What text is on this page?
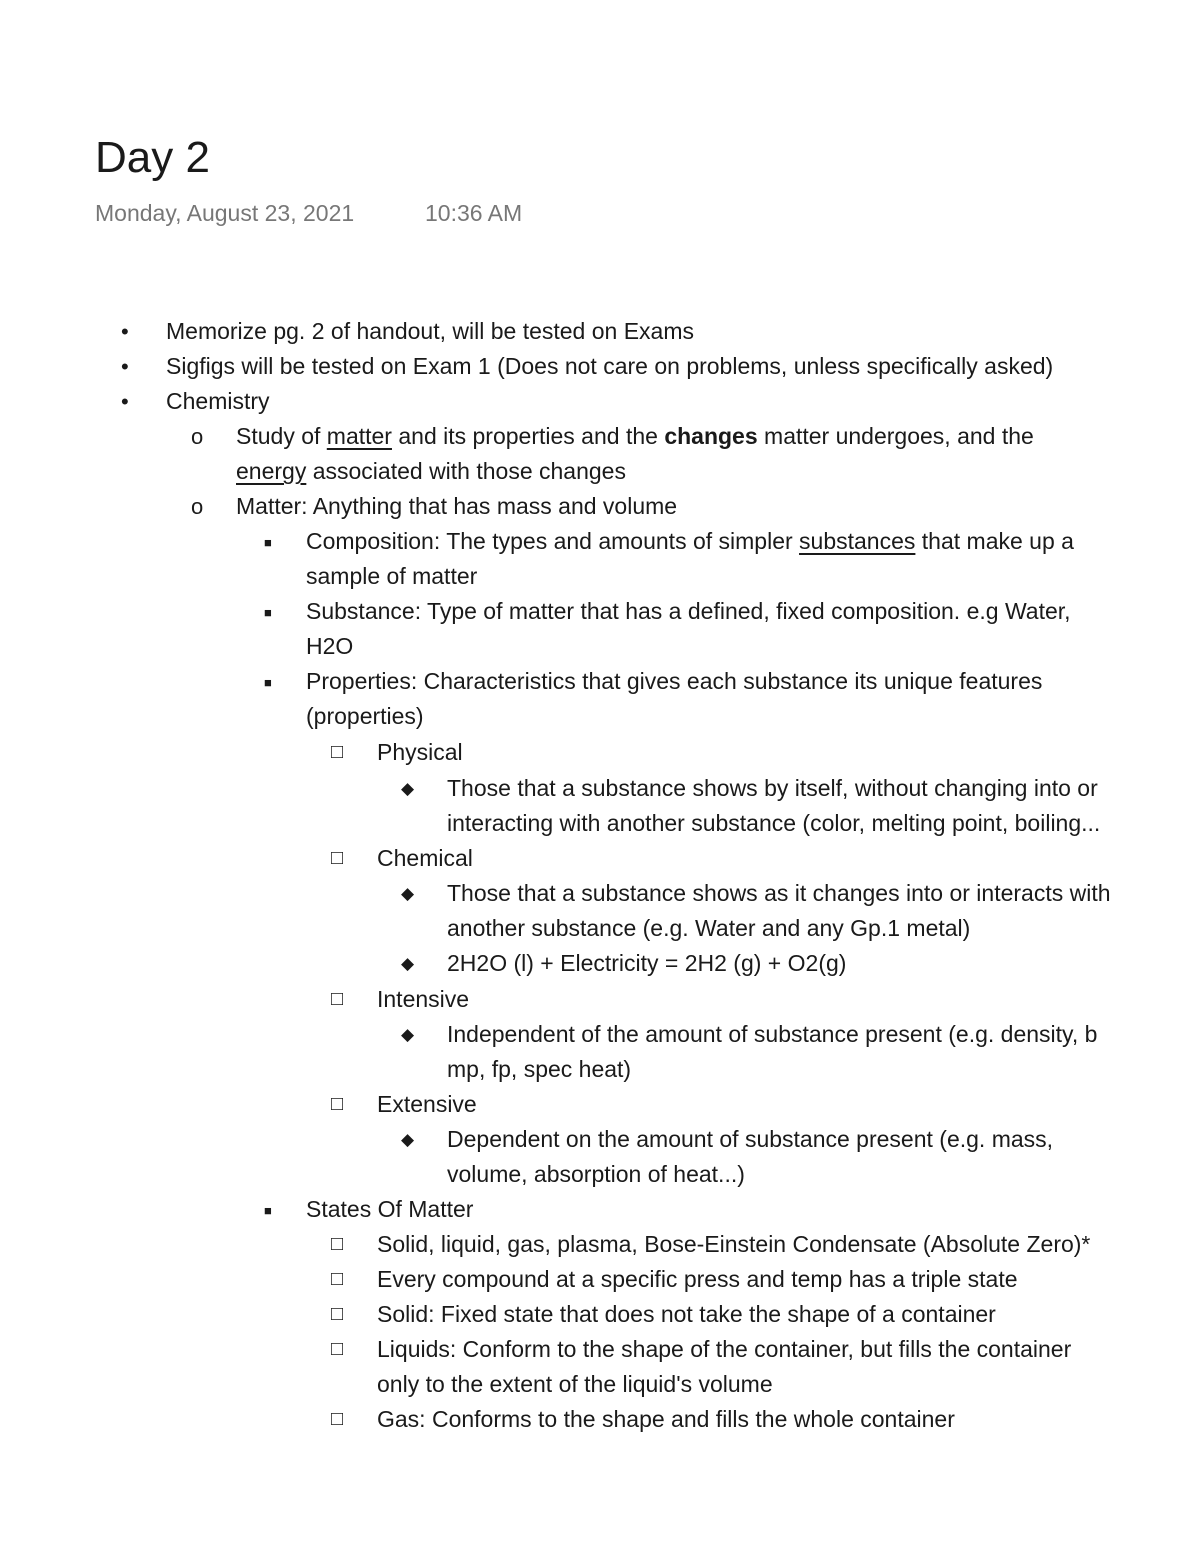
Day 2
Monday, August 23, 2021	10:36 AM
• Memorize pg. 2 of handout, will be tested on Exams
• Sigfigs will be tested on Exam 1 (Does not care on problems, unless specifically asked)
• Chemistry
o Study of matter and its properties and the changes matter undergoes, and the
energy associated with those changes
o Matter: Anything that has mass and volume
■ Composition: The types and amounts of simpler substances that make up a
sample of matter
■ Substance: Type of matter that has a defined, fixed composition. e.g Water,
H2O
■ Properties: Characteristics that gives each substance its unique features
(properties)
□ Physical
◆ Those that a substance shows by itself, without changing into or
interacting with another substance (color, melting point, boiling...
□ Chemical
◆ Those that a substance shows as it changes into or interacts with
another substance (e.g. Water and any Gp.1 metal)
◆ 2H2O (l) + Electricity = 2H2 (g) + O2(g)
□ Intensive
◆ Independent of the amount of substance present (e.g. density, b
mp, fp, spec heat)
□ Extensive
◆ Dependent on the amount of substance present (e.g. mass,
volume, absorption of heat...)
■ States Of Matter
□ Solid, liquid, gas, plasma, Bose-Einstein Condensate (Absolute Zero)*
□ Every compound at a specific press and temp has a triple state
□ Solid: Fixed state that does not take the shape of a container
□ Liquids: Conform to the shape of the container, but fills the container
only to the extent of the liquid's volume
□ Gas: Conforms to the shape and fills the whole container
